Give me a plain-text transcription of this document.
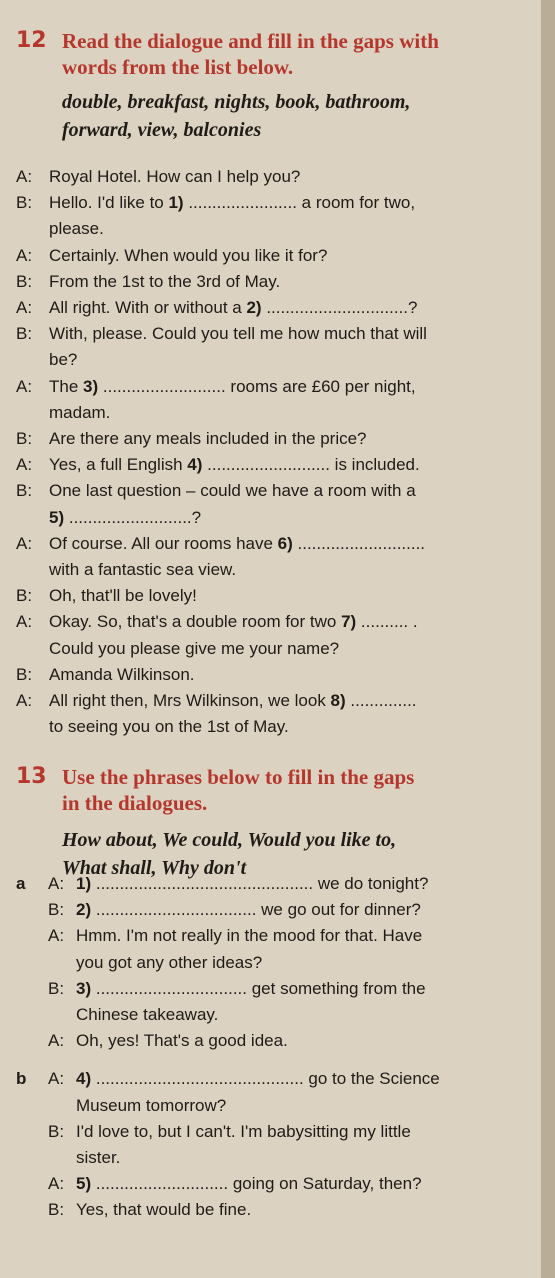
12 Read the dialogue and fill in the gaps with
words from the list below.
double, breakfast, nights, book, bathroom,
forward, view, balconies
A: Royal Hotel. How can I help you?
B: Hello. I'd like to 1) ....................... a room for two,
please.
A: Certainly. When would you like it for?
B: From the 1st to the 3rd of May.
A: All right. With or without a 2) ..............................?
B: With, please. Could you tell me how much that will
be?
A: The 3) .......................... rooms are £60 per night,
madam.
B: Are there any meals included in the price?
A: Yes, a full English 4) .......................... is included.
B: One last question – could we have a room with a
5) ..........................?
A: Of course. All our rooms have 6) ...........................
with a fantastic sea view.
B: Oh, that'll be lovely!
A: Okay. So, that's a double room for two 7) .......... .
Could you please give me your name?
B: Amanda Wilkinson.
A: All right then, Mrs Wilkinson, we look 8) ..............
to seeing you on the 1st of May.
13 Use the phrases below to fill in the gaps
in the dialogues.
How about, We could, Would you like to,
What shall, Why don't
a A: 1) .............................................. we do tonight?
B: 2) .................................. we go out for dinner?
A: Hmm. I'm not really in the mood for that. Have
you got any other ideas?
B: 3) ................................ get something from the
Chinese takeaway.
A: Oh, yes! That's a good idea.
b A: 4) ............................................ go to the Science
Museum tomorrow?
B: I'd love to, but I can't. I'm babysitting my little
sister.
A: 5) ............................ going on Saturday, then?
B: Yes, that would be fine.
